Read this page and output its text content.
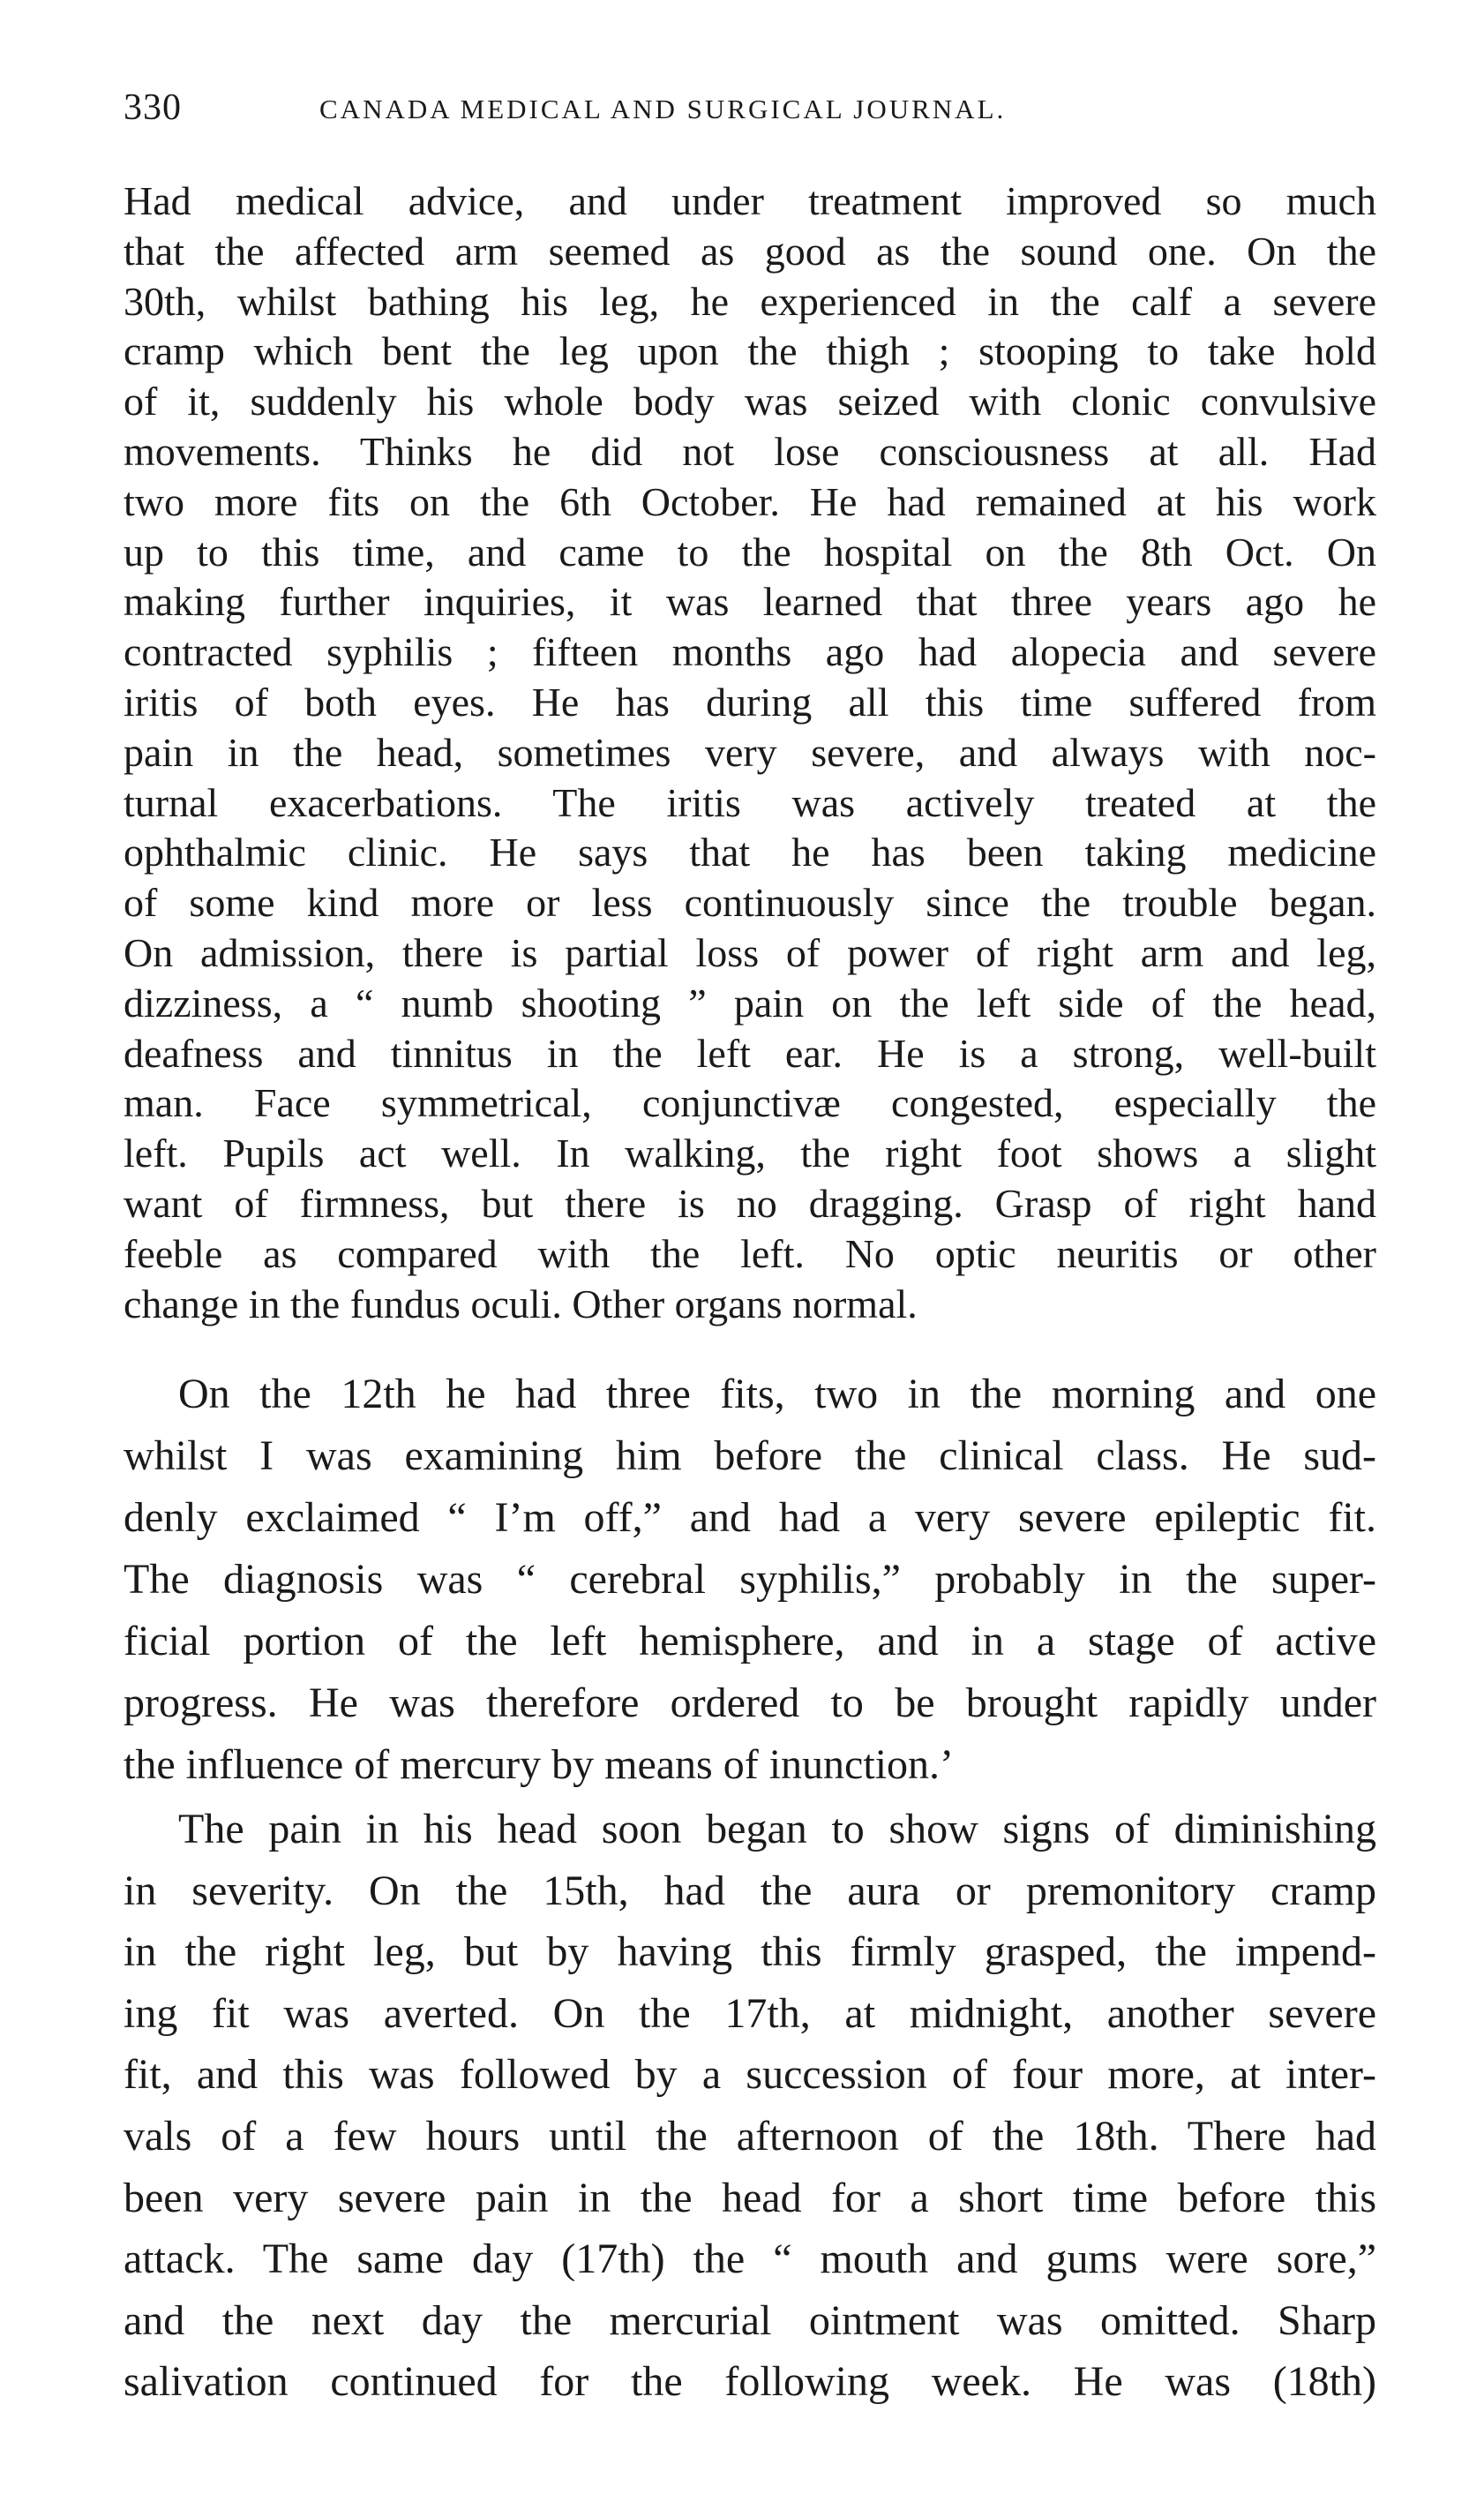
330	CANADA MEDICAL AND SURGICAL JOURNAL.
Had medical advice, and under treatment improved so much
that the affected arm seemed as good as the sound one. On the
30th, whilst bathing his leg, he experienced in the calf a severe
cramp which bent the leg upon the thigh ; stooping to take hold
of it, suddenly his whole body was seized with clonic convulsive
movements. Thinks he did not lose consciousness at all. Had
two more fits on the 6th October. He had remained at his work
up to this time, and came to the hospital on the 8th Oct. On
making further inquiries, it was learned that three years ago he
contracted syphilis ; fifteen months ago had alopecia and severe
iritis of both eyes. He has during all this time suffered from
pain in the head, sometimes very severe, and always with noc-
turnal exacerbations. The iritis was actively treated at the
ophthalmic clinic. He says that he has been taking medicine
of some kind more or less continuously since the trouble began.
On admission, there is partial loss of power of right arm and leg,
dizziness, a “ numb shooting ” pain on the left side of the head,
deafness and tinnitus in the left ear. He is a strong, well-built
man. Face symmetrical, conjunctivæ congested, especially the
left. Pupils act well. In walking, the right foot shows a slight
want of firmness, but there is no dragging. Grasp of right hand
feeble as compared with the left. No optic neuritis or other
change in the fundus oculi. Other organs normal.
On the 12th he had three fits, two in the morning and one
whilst I was examining him before the clinical class. He sud-
denly exclaimed “ I’m off,” and had a very severe epileptic fit.
The diagnosis was “ cerebral syphilis,” probably in the super-
ficial portion of the left hemisphere, and in a stage of active
progress. He was therefore ordered to be brought rapidly under
the influence of mercury by means of inunction.’
The pain in his head soon began to show signs of diminishing
in severity. On the 15th, had the aura or premonitory cramp
in the right leg, but by having this firmly grasped, the impend-
ing fit was averted. On the 17th, at midnight, another severe
fit, and this was followed by a succession of four more, at inter-
vals of a few hours until the afternoon of the 18th. There had
been very severe pain in the head for a short time before this
attack. The same day (17th) the “ mouth and gums were sore,”
and the next day the mercurial ointment was omitted. Sharp
salivation continued for the following week. He was (18th)
